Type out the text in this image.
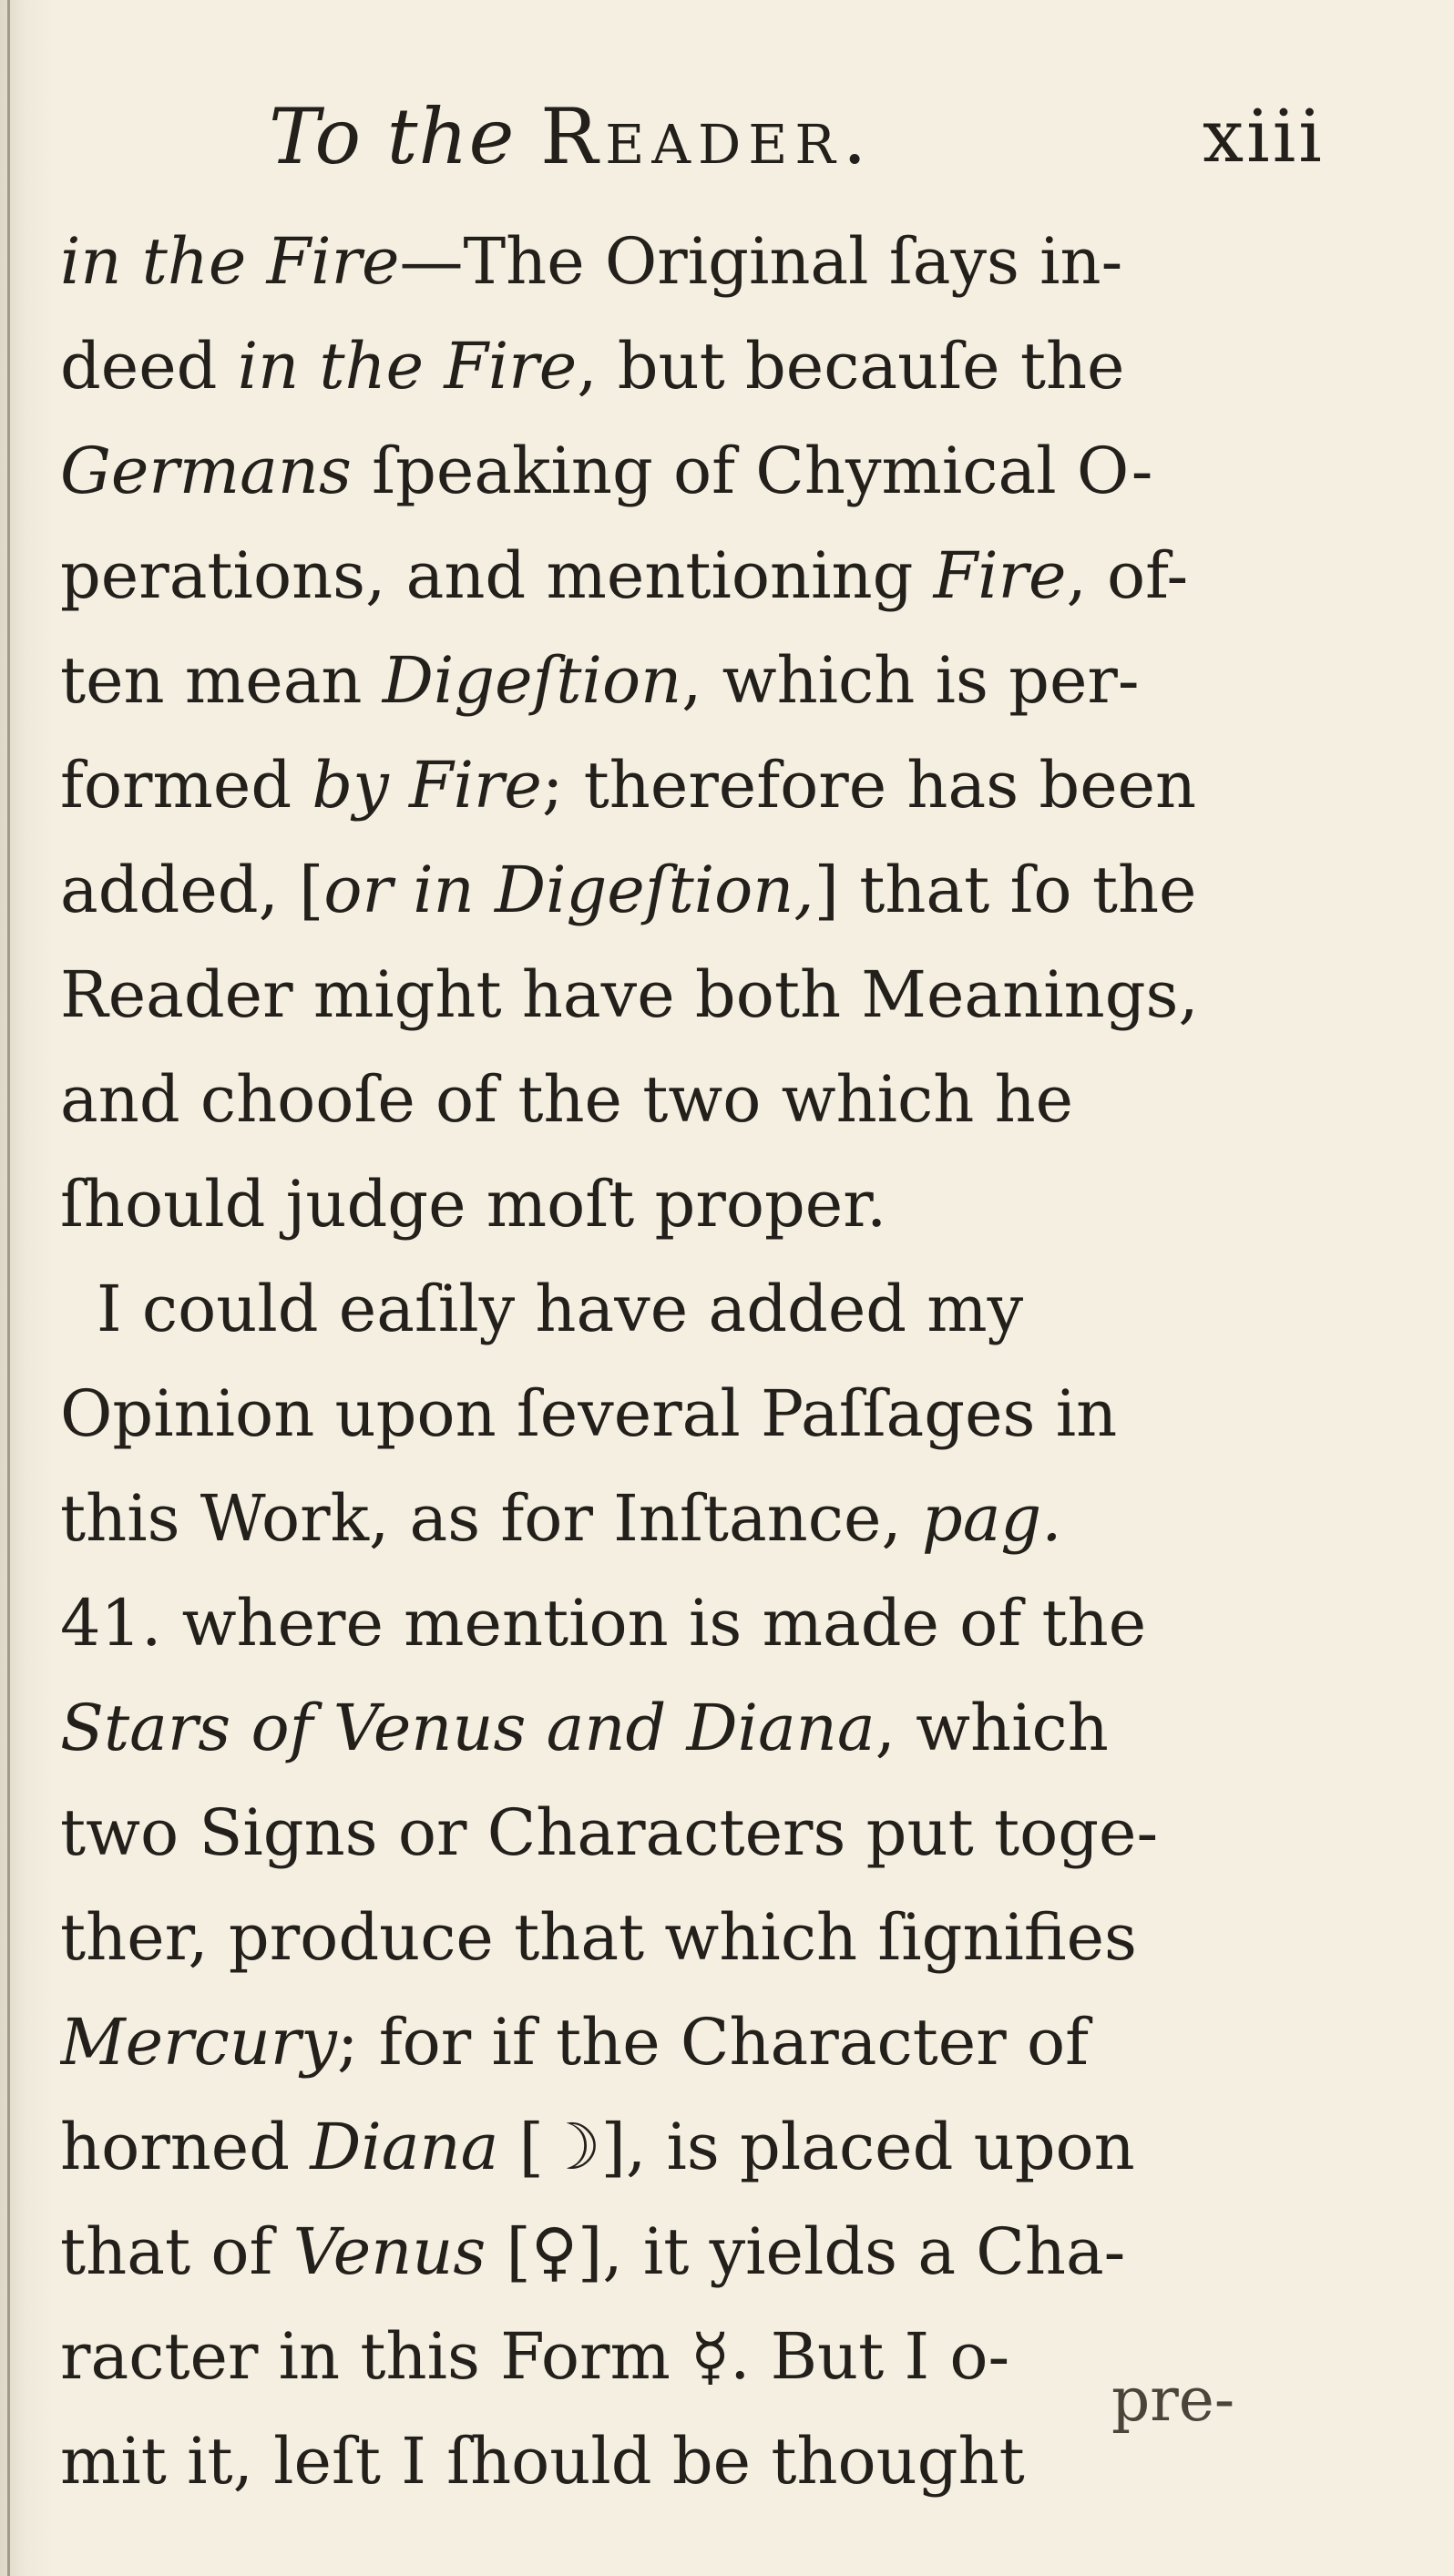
To the Reader.	xiii
in the Fire—The Original ſays in-
deed in the Fire, but becauſe the
Germans ſpeaking of Chymical O-
perations, and mentioning Fire, of-
ten mean Digeſtion, which is per-
formed by Fire; therefore has been
added, [or in Digeſtion,] that ſo the
Reader might have both Meanings,
and chooſe of the two which he
ſhould judge moſt proper.
I could eaſily have added my
Opinion upon ſeveral Paſſages in
this Work, as for Inſtance, pag.
41. where mention is made of the
Stars of Venus and Diana, which
two Signs or Characters put toge-
ther, produce that which ſignifies
Mercury; for if the Character of
horned Diana [☽], is placed upon
that of Venus [♀], it yields a Cha-
racter in this Form ☿. But I o-
mit it, leſt I ſhould be thought
pre-
